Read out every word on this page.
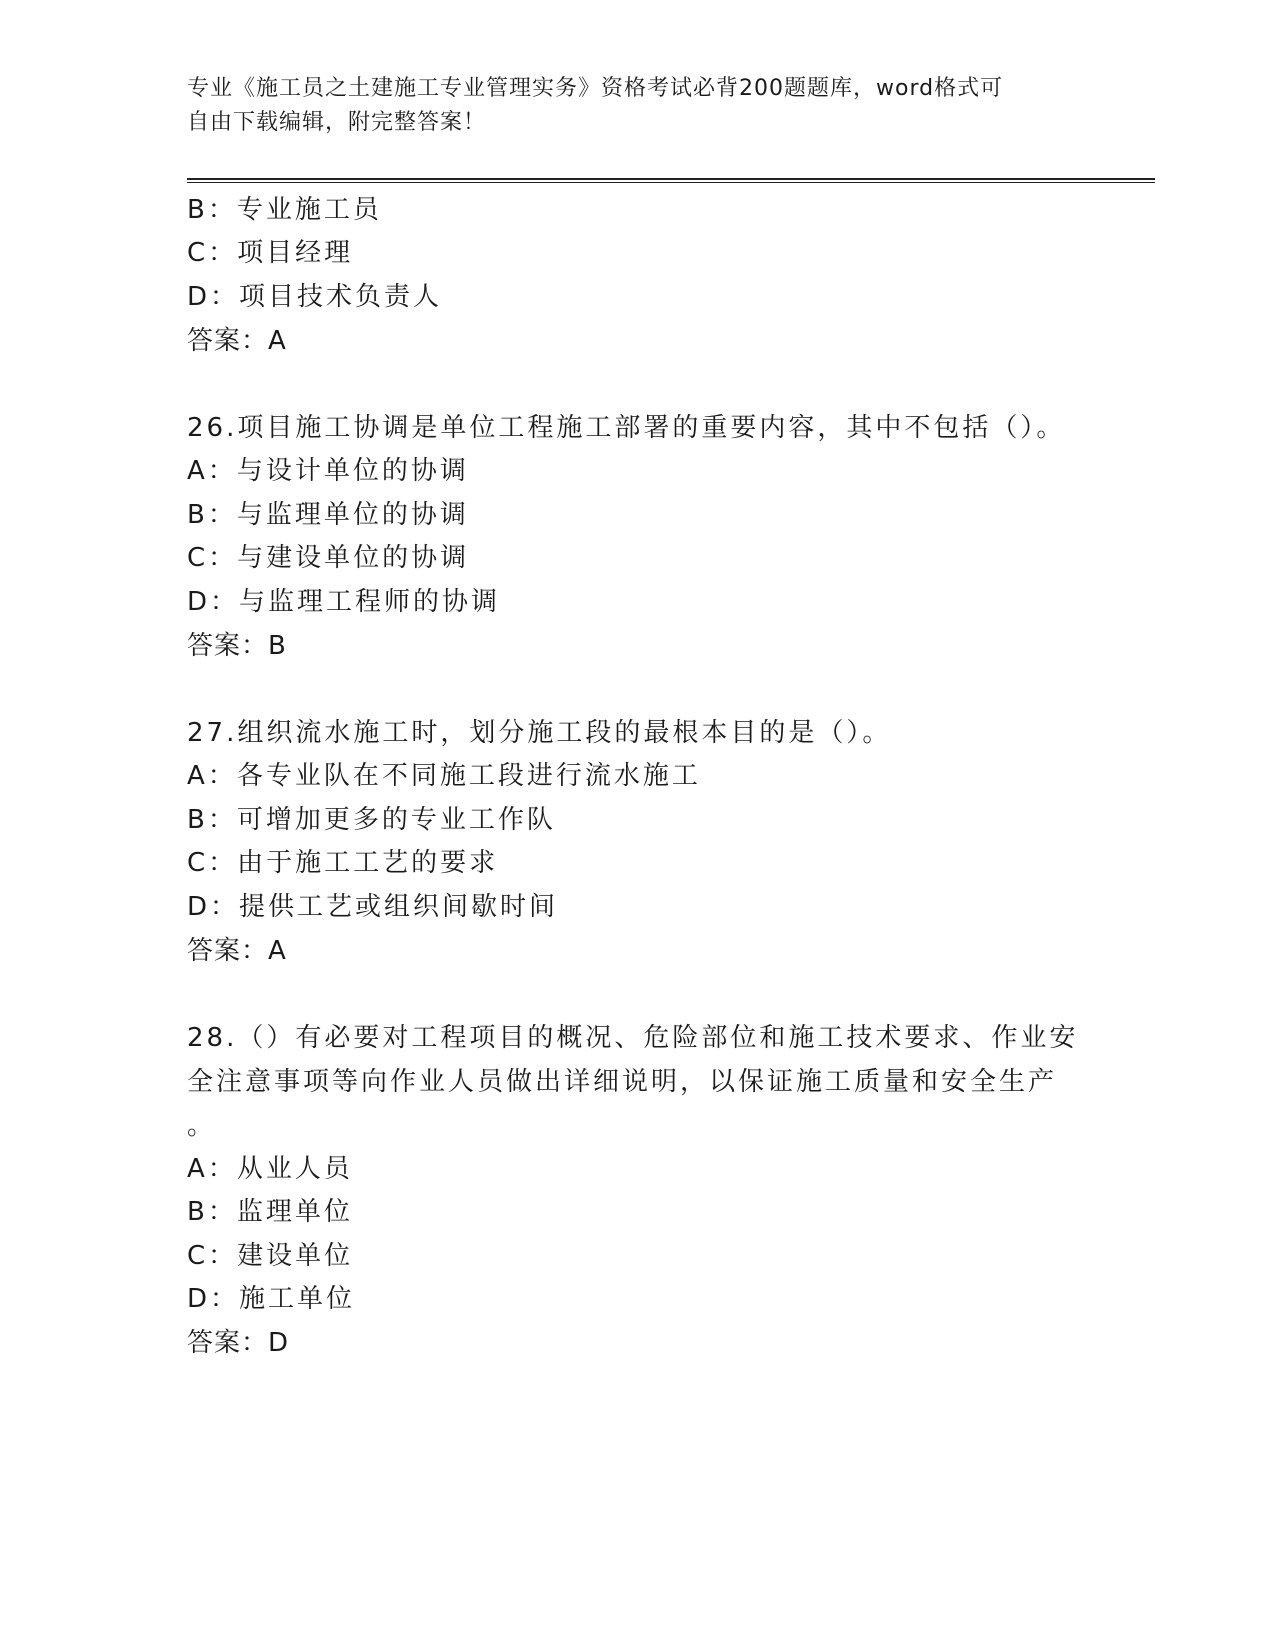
专业《施工员之土建施工专业管理实务》资格考试必背200题题库，word格式可
自由下载编辑，附完整答案！
B：专业施工员
C：项目经理
D：项目技术负责人
答案：A
26.项目施工协调是单位工程施工部署的重要内容，其中不包括（）。
A：与设计单位的协调
B：与监理单位的协调
C：与建设单位的协调
D：与监理工程师的协调
答案：B
27.组织流水施工时，划分施工段的最根本目的是（）。
A：各专业队在不同施工段进行流水施工
B：可增加更多的专业工作队
C：由于施工工艺的要求
D：提供工艺或组织间歇时间
答案：A
28.（）有必要对工程项目的概况、危险部位和施工技术要求、作业安
全注意事项等向作业人员做出详细说明，以保证施工质量和安全生产
。
A：从业人员
B：监理单位
C：建设单位
D：施工单位
答案：D
